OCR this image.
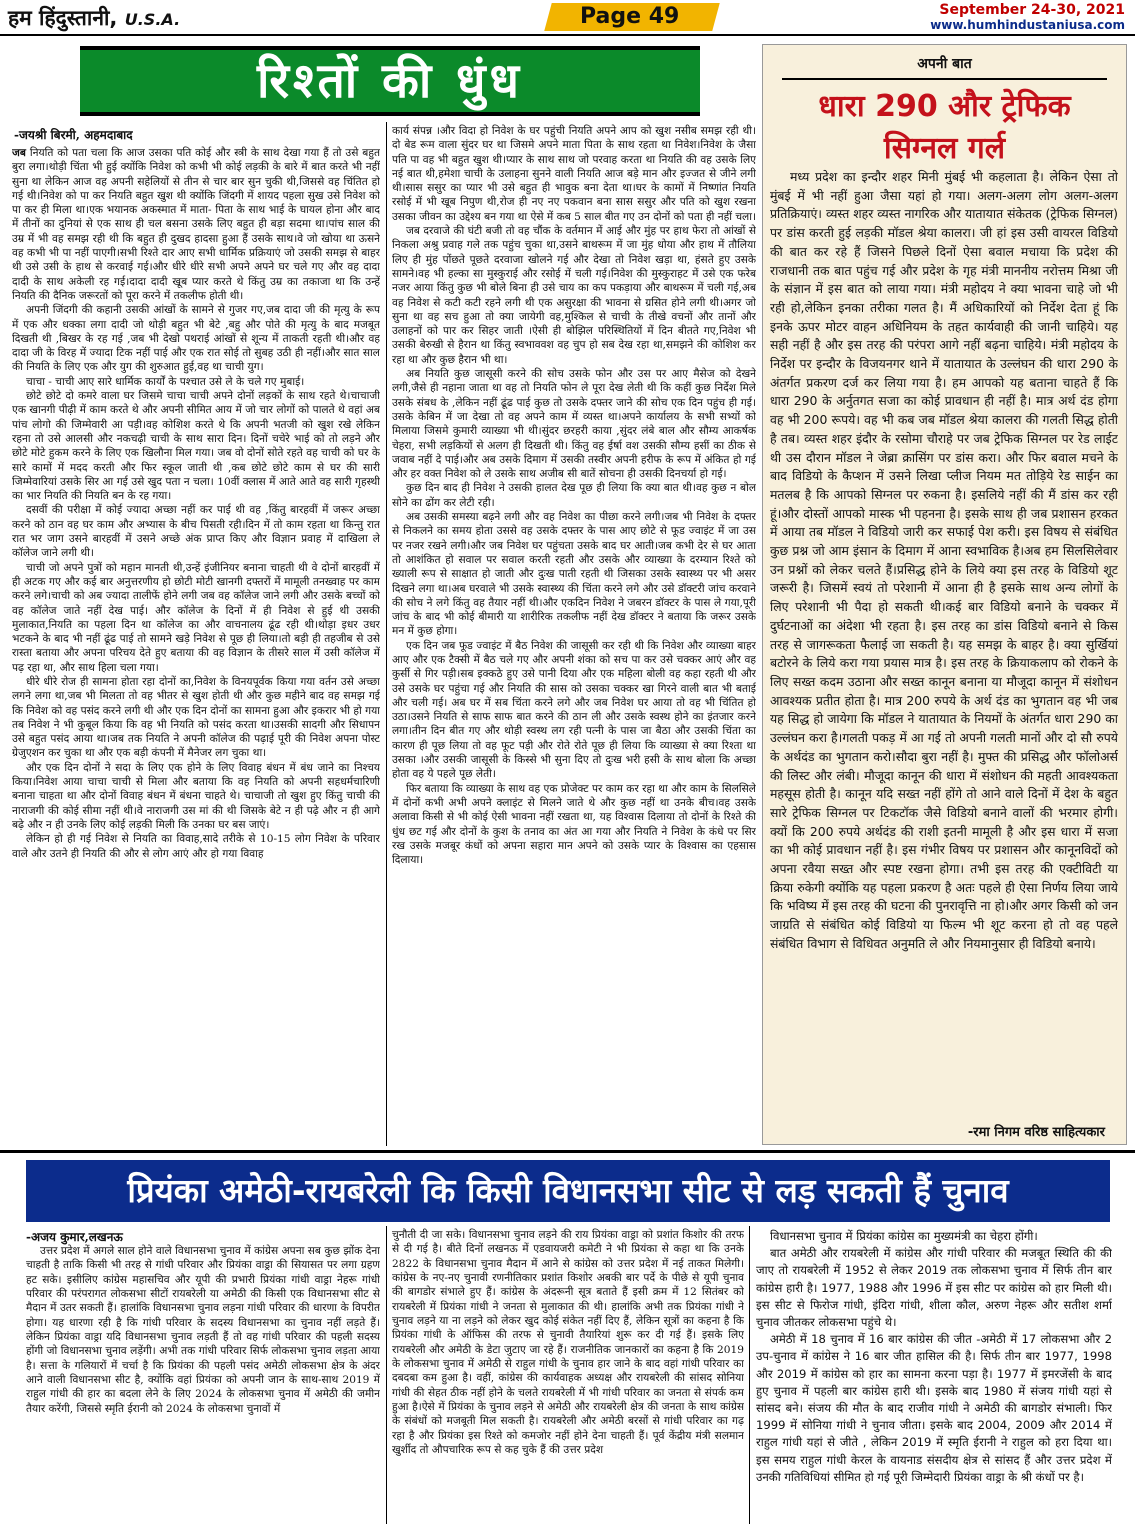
हम हिंदुस्तानी, U.S.A.	Page 49	September 24-30, 2021
www.humhindustaniusa.com
रिश्तों की धुंध
-जयश्री बिरमी, अहमदाबाद

जब नियति को पता चला कि आज उसका पति कोई और स्त्री के साथ देखा गया हैं तो उसे बहुत बुरा लगा।थोड़ी चिंता भी हुई क्योंकि निवेश को कभी भी कोई लड़की के बारे में बात करते भी नहीं सुना था लेकिन आज वह अपनी सहेलियों से तीन से चार बार सुन चुकी थी,जिससे वह चिंतित हो गई थी।निवेश को पा कर नियति बहुत खुश थी क्योंकि जिंदगी में शायद पहला सुख उसे निवेश को पा कर ही मिला था।एक भयानक अकस्मात में माता- पिता के साथ भाई के घायल होना और बाद में तीनों का दुनियां से एक साथ ही चल बसना उसके लिए बहुत ही बड़ा सदमा था।पांच साल की उम्र में भी वह समझ रही थी कि बहुत ही दुखद हादसा हुआ हैं उसके साथ।वे जो खोया था ऊसने वह कभी भी पा नहीं पाएगी।सभी रिश्ते दार आए सभी धार्मिक प्रक्रियाएं जो उसकी समझ से बाहर थी उसे उसी के हाथ से करवाई गई।और धीरे धीरे सभी अपने अपने घर चले गए और वह दादा दादी के साथ अकेली रह गई।दादा दादी खूब प्यार करते थे किंतु उम्र का तकाजा था कि उन्हें नियति की दैनिक जरूरतों को पूरा करने में तकलीफ होती थी।

अपनी जिंदगी की कहानी उसकी आंखों के सामने से गुजर गए,जब दादा जी की मृत्यु के रूप में एक और धक्का लगा दादी जो थोड़ी बहुत भी बेटे ,बहु और पोते की मृत्यु के बाद मजबूत दिखती थी ,बिखर के रह गई ,जब भी देखो पथराई आंखों से शून्य में ताकती रहती थी।और वह दादा जी के विरह में ज्यादा टिक नहीं पाई और एक रात सोई तो सुबह उठी ही नहीं।और सात साल की नियति के लिए एक और युग की शुरुआत हुई,वह था चाची युग।

चाचा - चाची आए सारे धार्मिक कार्यों के पश्चात उसे ले के चले गए मुबाई।

छोटे छोटे दो कमरे वाला घर जिसमे चाचा चाची अपने दोनों लड़कों के साथ रहते थे।चाचाजी एक खानगी पीढ़ी में काम करते थे और अपनी सीमित आय में जो चार लोगों को पालते थे वहां अब पांच लोगो की जिम्मेवारी आ पड़ी।वह कोशिश करते थे कि अपनी भतजी को खुश रखे लेकिन रहना तो उसे आलसी और नकचढ़ी चाची के साथ सारा दिन। दिनों चचेरे भाई को तो लड़ने और छोटे मोटे हुकम करने के लिए एक खिलौना मिल गया। जब वो दोनों सोते रहते वह चाची को घर के सारे कामों में मदद करती और फिर स्कूल जाती थी ,कब छोटे छोटे काम से घर की सारी जिम्मेवारियां उसके सिर आ गई उसे खुद पता न चला। 10वीं क्लास में आते आते वह सारी गृहस्थी का भार नियति की नियति बन के रह गया।

दसवीं की परीक्षा में कोई ज्यादा अच्छा नहीं कर पाई थी वह ,किंतु बारहवीं में जरूर अच्छा करने को ठान वह घर काम और अभ्यास के बीच पिसती रही।दिन में तो काम रहता था किन्तु रात रात भर जाग उसने बारहवीं में उसने अच्छे अंक प्राप्त किए और विज्ञान प्रवाह में दाखिला ले कॉलेज जाने लगी थी।

चाची जो अपने पुत्रों को महान मानती थी,उन्हें इंजीनियर बनाना चाहती थी वे दोनों बारहवीं में ही अटक गए और कई बार अनुत्तरणीय हो छोटी मोटी खानगी दफ्तरों में मामूली तनख्वाह पर काम करने लगे।चाची को अब ज्यादा तालीफें होने लगी जब वह कॉलेज जाने लगी और उसके बच्चों को वह कॉलेज जाते नहीं देख पाई। और कॉलेज के दिनों में ही निवेश से हुई थी उसकी मुलाकात,नियति का पहला दिन था कॉलेज का और वाचनालय ढूंढ रही थी।थोड़ा इधर उधर भटकने के बाद भी नहीं ढूंढ पाई तो सामने खड़े निवेश से पूछ ही लिया।तो बड़ी ही तहजीब से उसे रास्ता बताया और अपना परिचय देते हुए बताया की वह विज्ञान के तीसरे साल में उसी कॉलेज में पढ़ रहा था, और साथ हिला चला गया।

धीरे धीरे रोज ही सामना होता रहा दोनों का,निवेश के विनयपूर्वक किया गया वर्तन उसे अच्छा लगने लगा था,जब भी मिलता तो वह भीतर से खुश होती थी और कुछ महीने बाद वह समझ गई कि निवेश को वह पसंद करने लगी थी और एक दिन दोनों का सामना हुआ और इकरार भी हो गया तब निवेश ने भी कुबूल किया कि वह भी नियति को पसंद करता था।उसकी सादगी और सिधापन उसे बहुत पसंद आया था।जब तक नियति ने अपनी कॉलेज की पढ़ाई पूरी की निवेश अपना पोस्ट ग्रेजुएशन कर चुका था और एक बड़ी कंपनी में मैनेजर लग चुका था।

और एक दिन दोनों ने सदा के लिए एक होने के लिए विवाह बंधन में बंध जाने का निश्चय किया।निवेश आया चाचा चाची से मिला और बताया कि वह नियति को अपनी सहधर्मचारिणी बनाना चाहता था और दोनों विवाह बंधन में बंधना चाहते थे। चाचाजी तो खुश हुए किंतु चाची की नाराजगी की कोई सीमा नहीं थी।वे नाराजगी उस मां की थी जिसके बेटे न ही पढ़े और न ही आगे बढ़े और न ही उनके लिए कोई लड़की मिली कि उनका घर बस जाएं।

लेकिन हो ही गई निवेश से नियति का विवाह,सादे तरीके से 10-15 लोग निवेश के परिवार वाले और उतने ही नियति की और से लोग आएं और हो गया विवाह

कार्य संपन्न ।और विदा हो निवेश के घर पहुंची नियति अपने आप को खुश नसीब समझ रही थी।दो बेड रूम वाला सुंदर घर था जिसमे अपने माता पिता के साथ रहता था निवेश।निवेश के जैसा पति पा वह भी बहुत खुश थी।प्यार के साथ साथ जो परवाह करता था नियति की वह उसके लिए नई बात थी,हमेशा चाची के उलाहना सुनने वाली नियति आज बड़े मान और इज्जत से जीने लगी थी।सास ससुर का प्यार भी उसे बहुत ही भावुक बना देता था।घर के कामों में निष्णांत नियति रसोई में भी खूब निपुण थी,रोज ही नए नए पकवान बना सास ससुर और पति को खुश रखना उसका जीवन का उद्देश्य बन गया था ऐसे में कब 5 साल बीत गए उन दोनों को पता ही नहीं चला।

जब दरवाजे की घंटी बजी तो वह चौंक के वर्तमान में आई और मुंह पर हाथ फेरा तो आंखों से निकला अश्रु प्रवाह गले तक पहुंच चुका था,उसने बाथरूम में जा मुंह धोया और हाथ में तौलिया लिए ही मुंह पोंछते पूछते दरवाजा खोलने गई और देखा तो निवेश खड़ा था, हंसते हुए उसके सामने।वह भी हल्का सा मुस्कुराई और रसोई में चली गई।निवेश की मुस्कुराहट में उसे एक फरेब नजर आया किंतु कुछ भी बोले बिना ही उसे चाय का कप पकड़ाया और बाथरूम में चली गई,अब वह निवेश से कटी कटी रहने लगी थी एक असुरक्षा की भावना से ग्रसित होने लगी थी।अगर जो सुना था वह सच हुआ तो क्या जायेगी वह,मुश्किल से चाची के तीखे वचनों और तानों और उलाहनों को पार कर सिहर जाती ।ऐसी ही बोझिल परिस्थितियों में दिन बीतते गए,निवेश भी उसकी बेरुखी से हैरान था किंतु स्वभाववश वह चुप हो सब देख रहा था,समझने की कोशिश कर रहा था और कुछ हैरान भी था।

अब नियति कुछ जासूसी करने की सोच उसके फोन और उस पर आए मैसेज को देखने लगी,जैसे ही नहाना जाता था वह तो नियति फोन ले पूरा देख लेती थी कि कहीं कुछ निर्देश मिले उसके संबध के ,लेकिन नहीं ढूंढ पाई कुछ तो उसके दफ्तर जाने की सोच एक दिन पहुंच ही गई।उसके केबिन में जा देखा तो वह अपने काम में व्यस्त था।अपने कार्यालय के सभी सभ्यों को मिलाया जिसमे कुमारी व्याख्या भी थी।सुंदर छरहरी काया ,सुंदर लंबे बाल और सौम्य आकर्षक चेहरा, सभी लड़कियों से अलग ही दिखती थी। किंतु वह ईर्षा वश उसकी सौम्य हसीं का ठीक से जवाब नहीं दे पाई।और अब उसके दिमाग में उसकी तस्वीर अपनी हरीफ के रूप में अंकित हो गई और हर वक्त निवेश को ले उसके साथ अजीब सी बातें सोचना ही उसकी दिनचर्या हो गई।

कुछ दिन बाद ही निवेश ने उसकी हालत देख पूछ ही लिया कि क्या बात थी।वह कुछ न बोल सोने का ढोंग कर लेटी रही।

अब उसकी समस्या बढ़ने लगी और वह निवेश का पीछा करने लगी।जब भी निवेश के दफ्तर से निकलने का समय होता उससे वह उसके दफ्तर के पास आए छोटे से फूड ज्वाइंट में जा उस पर नजर रखने लगी।और जब निवेश घर पहुंचता उसके बाद घर आती।जब कभी देर से घर आता तो आशंकित हो सवाल पर सवाल करती रहती और उसके और व्याख्या के दरम्यान रिश्ते को ख्याली रूप से साक्षात हो जाती और दुःख पाती रहती थी जिसका उसके स्वास्थ्य पर भी असर दिखने लगा था।अब घरवाले भी उसके स्वास्थ्य की चिंता करने लगे और उसे डॉक्टरी जांच करवाने की सोच ने लगे किंतु वह तैयार नहीं थी।और एकदिन निवेश ने जबरन डॉक्टर के पास ले गया,पूरी जांच के बाद भी कोई बीमारी या शारीरिक तकलीफ नहीं देख डॉक्टर ने बताया कि जरूर उसके मन में कुछ होगा।

एक दिन जब फूड ज्वाइंट में बैठ निवेश की जासूसी कर रही थी कि निवेश और व्याख्या बाहर आए और एक टैक्सी में बैठ चले गए और अपनी शंका को सच पा कर उसे चक्कर आएं और वह कुर्सी से गिर पड़ी।सब इक्कठे हुए उसे पानी दिया और एक महिला बोली वह कहा रहती थी और उसे उसके घर पहुंचा गई और नियति की सास को उसका चक्कर खा गिरने वाली बात भी बताई और चली गई। अब घर में सब चिंता करने लगे और जब निवेश घर आया तो वह भी चिंतित हो उठा।उसने नियति से साफ साफ बात करने की ठान ली और उसके स्वस्थ होने का इंतजार करने लगा।तीन दिन बीत गए और थोड़ी स्वस्थ लग रही पत्नी के पास जा बैठा और उसकी चिंता का कारण ही पूछ लिया तो वह फूट पड़ी और रोते रोते पूछ ही लिया कि व्याख्या से क्या रिश्ता था उसका ।और उसकी जासूसी के किस्से भी सुना दिए तो दुःख भरी हसी के साथ बोला कि अच्छा होता वह ये पहले पूछ लेती।

फिर बताया कि व्याख्या के साथ वह एक प्रोजेक्ट पर काम कर रहा था और काम के सिलसिले में दोनों कभी अभी अपने क्लाइंट से मिलने जाते थे और कुछ नहीं था उनके बीच।वह उसके अलावा किसी से भी कोई ऐसी भावना नहीं रखता था, यह विश्वास दिलाया तो दोनों के रिश्ते की धुंध छट गई और दोनों के कुश के तनाव का अंत आ गया और नियति ने निवेश के कंधे पर सिर रख उसके मजबूर कंधों को अपना सहारा मान अपने को उसके प्यार के विश्वास का एहसास दिलाया।

अपनी बात
धारा 290 और ट्रेफिक
सिग्नल गर्ल

मध्य प्रदेश का इन्दौर शहर मिनी मुंबई भी कहलाता है। लेकिन ऐसा तो मुंबई में भी नहीं हुआ जैसा यहां हो गया। अलग-अलग लोग अलग-अलग प्रतिक्रियाएं। व्यस्त शहर व्यस्त नागरिक और यातायात संकेतक (ट्रेफिक सिग्नल) पर डांस करती हुई लड़की मॉडल श्रेया कालरा। जी हां इस उसी वायरल विडियो की बात कर रहे हैं जिसने पिछले दिनों ऐसा बवाल मचाया कि प्रदेश की राजधानी तक बात पहुंच गई और प्रदेश के गृह मंत्री माननीय नरोत्तम मिश्रा जी के संज्ञान में इस बात को लाया गया। मंत्री महोदय ने क्या भावना चाहे जो भी रही हो,लेकिन इनका तरीका गलत है। मैं अधिकारियों को निर्देश देता हूं कि इनके ऊपर मोटर वाहन अधिनियम के तहत कार्यवाही की जानी चाहिये। यह सही नहीं है और इस तरह की परंपरा आगे नहीं बढ़ना चाहिये। मंत्री महोदय के निर्देश पर इन्दौर के विजयनगर थाने में यातायात के उल्लंघन की धारा 290 के अंतर्गत प्रकरण दर्ज कर लिया गया है। हम आपको यह बताना चाहते हैं कि धारा 290 के अर्नुतगत सजा का कोई प्रावधान ही नहीं है। मात्र अर्थ दंड होगा वह भी 200 रूपये। वह भी कब जब मॉडल श्रेया कालरा की गलती सिद्ध होती है तब। व्यस्त शहर इंदौर के रसोमा चौराहे पर जब ट्रेफिक सिग्नल पर रेड लाईट थी उस दौरान मॉडल ने जेब्रा क्रासिंग पर डांस करा। और फिर बवाल मचने के बाद विडियो के कैप्शन में उसने लिखा प्लीज नियम मत तोड़िये रेड साईन का मतलब है कि आपको सिग्नल पर रुकना है। इसलिये नहीं की मैं डांस कर रही हूं।और दोस्तों आपको मास्क भी पहनना है। इसके साथ ही जब प्रशासन हरकत में आया तब मॉडल ने विडियो जारी कर सफाई पेश करी। इस विषय से संबंधित कुछ प्रश्न जो आम इंसान के दिमाग में आना स्वभाविक है।अब हम सिलसिलेवार उन प्रश्नों को लेकर चलते हैं।प्रसिद्ध होने के लिये क्या इस तरह के विडियो शूट जरूरी है। जिसमें स्वयं तो परेशानी में आना ही है इसके साथ अन्य लोगों के लिए परेशानी भी पैदा हो सकती थी।कई बार विडियो बनाने के चक्कर में दुर्घटनाओं का अंदेशा भी रहता है। इस तरह का डांस विडियो बनाने से किस तरह से जागरूकता फैलाई जा सकती है। यह समझ के बाहर है। क्या सुर्खियां बटोरने के लिये करा गया प्रयास मात्र है। इस तरह के क्रियाकलाप को रोकने के लिए सख्त कदम उठाना और सख्त कानून बनाना या मौजूदा कानून में संशोधन आवश्यक प्रतीत होता है। मात्र 200 रुपये के अर्थ दंड का भुगतान वह भी जब यह सिद्ध हो जायेगा कि मॉडल ने यातायात के नियमों के अंतर्गत धारा 290 का उल्लंघन करा है।गलती पकड़ में आ गई तो अपनी गलती मानों और दो सौ रुपये के अर्थदंड का भुगतान करो।सौदा बुरा नहीं है। मुफ्त की प्रसिद्ध और फॉलोअर्स की लिस्ट और लंबी। मौजूदा कानून की धारा में संशोधन की महती आवश्यकता महसूस होती है। कानून यदि सख्त नहीं होंगे तो आने वाले दिनों में देश के बहुत सारे ट्रेफिक सिग्नल पर टिकटॉक जैसे विडियो बनाने वालों की भरमार होगी। क्यों कि 200 रुपये अर्थदंड की राशी इतनी मामूली है और इस धारा में सजा का भी कोई प्रावधान नहीं है। इस गंभीर विषय पर प्रशासन और कानूनविदों को अपना रवैया सख्त और स्पष्ट रखना होगा। तभी इस तरह की एक्टीविटी या क्रिया रुकेगी क्योंकि यह पहला प्रकरण है अतः पहले ही ऐसा निर्णय लिया जाये कि भविष्य में इस तरह की घटना की पुनरावृत्ति ना हो।और अगर किसी को जन जाग्रति से संबंधित कोई विडियो या फिल्म भी शूट करना हो तो वह पहले संबंधित विभाग से विधिवत अनुमति ले और नियमानुसार ही विडियो बनाये।

-रमा निगम वरिष्ठ साहित्यकार
प्रियंका अमेठी-रायबरेली कि किसी विधानसभा सीट से लड़ सकती हैं चुनाव
-अजय कुमार,लखनऊ

उत्तर प्रदेश में अगले साल होने वाले विधानसभा चुनाव में कांग्रेस अपना सब कुछ झोंक देना चाहती है ताकि किसी भी तरह से गांधी परिवार और प्रियंका वाड्रा की सियासत पर लगा ग्रहण हट सके। इसीलिए कांग्रेस महासचिव और यूपी की प्रभारी प्रियंका गांधी वाड्रा नेहरू गांधी परिवार की परंपरागत लोकसभा सीटों रायबरेली या अमेठी की किसी एक विधानसभा सीट से मैदान में उतर सकती हैं। हालांकि विधानसभा चुनाव लड़ना गांधी परिवार की धारणा के विपरीत होगा। यह धारणा रही है कि गांधी परिवार के सदस्य विधानसभा का चुनाव नहीं लड़ते हैं। लेकिन प्रियंका वाड्रा यदि विधानसभा चुनाव लड़ती हैं तो वह गांधी परिवार की पहली सदस्य होंगी जो विधानसभा चुनाव लड़ेंगी। अभी तक गांधी परिवार सिर्फ लोकसभा चुनाव लड़ता आया है। सत्ता के गलियारों में चर्चा है कि प्रियंका की पहली पसंद अमेठी लोकसभा क्षेत्र के अंदर आने वाली विधानसभा सीट है, क्योंकि वहां प्रियंका को अपनी जान के साथ-साथ 2019 में राहुल गांधी की हार का बदला लेने के लिए 2024 के लोकसभा चुनाव में अमेठी की जमीन तैयार करेंगी, जिससे स्मृति ईरानी को 2024 के लोकसभा चुनावों में

चुनौती दी जा सके। विधानसभा चुनाव लड़ने की राय प्रियंका वाड्रा को प्रशांत किशोर की तरफ से दी गई है। बीते दिनों लखनऊ में एडवायजरी कमेटी ने भी प्रियंका से कहा था कि उनके 2822 के विधानसभा चुनाव मैदान में आने से कांग्रेस को उत्तर प्रदेश में नई ताकत मिलेगी। कांग्रेस के नए-नए चुनावी रणनीतिकार प्रशांत किशोर अबकी बार पर्दे के पीछे से यूपी चुनाव की बागडोर संभाले हुए हैं। कांग्रेस के अंदरूनी सूत्र बताते हैं इसी क्रम में 12 सितंबर को रायबरेली में प्रियंका गांधी ने जनता से मुलाकात की थी। हालांकि अभी तक प्रियंका गांधी ने चुनाव लड़ने या ना लड़ने को लेकर खुद कोई संकेत नहीं दिए हैं, लेकिन सूत्रों का कहना है कि प्रियंका गांधी के ऑफिस की तरफ से चुनावी तैयारियां शुरू कर दी गई हैं। इसके लिए रायबरेली और अमेठी के डेटा जुटाए जा रहे हैं। राजनीतिक जानकारों का कहना है कि 2019 के लोकसभा चुनाव में अमेठी से राहुल गांधी के चुनाव हार जाने के बाद वहां गांधी परिवार का दबदबा कम हुआ है। वहीं, कांग्रेस की कार्यवाहक अध्यक्ष और रायबरेली की सांसद सोनिया गांधी की सेहत ठीक नहीं होने के चलते रायबरेली में भी गांधी परिवार का जनता से संपर्क कम हुआ है।ऐसे में प्रियंका के चुनाव लड़ने से अमेठी और रायबरेली क्षेत्र की जनता के साथ कांग्रेस के संबंधों को मजबूती मिल सकती है। रायबरेली और अमेठी बरसों से गांधी परिवार का गढ़ रहा है और प्रियंका इस रिश्ते को कमजोर नहीं होने देना चाहती हैं। पूर्व केंद्रीय मंत्री सलमान खुर्शीद तो औपचारिक रूप से कह चुके हैं की उत्तर प्रदेश

विधानसभा चुनाव में प्रियंका कांग्रेस का मुख्यमंत्री का चेहरा होंगी।

बात अमेठी और रायबरेली में कांग्रेस और गांधी परिवार की मजबूत स्थिति की की जाए तो रायबरेली में 1952 से लेकर 2019 तक लोकसभा चुनाव में सिर्फ तीन बार कांग्रेस हारी है। 1977, 1988 और 1996 में इस सीट पर कांग्रेस को हार मिली थी। इस सीट से फिरोज गांधी, इंदिरा गांधी, शीला कौल, अरुण नेहरू और सतीश शर्मा चुनाव जीतकर लोकसभा पहुंचे थे।

अमेठी में 18 चुनाव में 16 बार कांग्रेस की जीत -अमेठी में 17 लोकसभा और 2 उप-चुनाव में कांग्रेस ने 16 बार जीत हासिल की है। सिर्फ तीन बार 1977, 1998 और 2019 में कांग्रेस को हार का सामना करना पड़ा है। 1977 में इमरजेंसी के बाद हुए चुनाव में पहली बार कांग्रेस हारी थी। इसके बाद 1980 में संजय गांधी यहां से सांसद बने। संजय की मौत के बाद राजीव गांधी ने अमेठी की बागडोर संभाली। फिर 1999 में सोनिया गांधी ने चुनाव जीता। इसके बाद 2004, 2009 और 2014 में राहुल गांधी यहां से जीते , लेकिन 2019 में स्मृति ईरानी ने राहुल को हरा दिया था। इस समय राहुल गांधी केरल के वायनाड संसदीय क्षेत्र से सांसद हैं और उत्तर प्रदेश में उनकी गतिविधियां सीमित हो गई पूरी जिम्मेदारी प्रियंका वाड्रा के श्री कंधों पर है।
